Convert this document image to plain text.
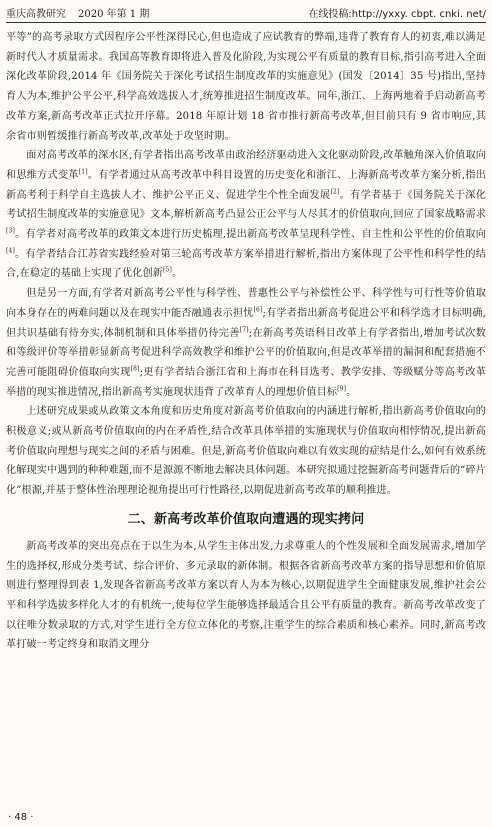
重庆高教研究 2020 年第 1 期	在线投稿:http://yxxy. cbpt. cnki. net/

平等”的高考录取方式因程序公平性深得民心,但也造成了应试教育的弊端,违背了教育育人的初衷,难以满足新时代人才质量需求。我国高等教育即将进入普及化阶段,为实现公平有质量的教育目标,指引高考进入全面深化改革阶段,2014 年《国务院关于深化考试招生制度改革的实施意见》(国发〔2014〕35 号)指出,坚持育人为本,维护公平公平,科学高效选拔人才,统筹推进招生制度改革。同年,浙江、上海两地着手启动新高考改革方案,新高考改革正式拉开序幕。2018 年原计划 18 省市推行新高考改革,但目前只有 9 省市响应,其余省市则暂缓推行新高考改革,改革处于攻坚时期。

面对高考改革的深水区,有学者指出高考改革由政治经济驱动进入文化驱动阶段,改革触角深入价值取向和思维方式变革[1]。有学者通过从高考改革中科目设置的历史变化和浙江、上海新高考改革方案分析,指出新高考利于科学自主选拔人才、维护公平正义、促进学生个性全面发展[2]。有学者基于《国务院关于深化考试招生制度改革的实施意见》文本,解析新高考凸显公正公平与人尽其才的价值取向,回应了国家战略需求[3]。有学者对高考改革的政策文本进行历史梳理,提出新高考改革呈现科学性、自主性和公平性的价值取向[4]。有学者结合江苏省实践经验对第三轮高考改革方案举措进行解析,指出方案体现了公平性和科学性的结合,在稳定的基础上实现了优化创新[5]。

但是另一方面,有学者对新高考公平性与科学性、普惠性公平与补偿性公平、科学性与可行性等价值取向本身存在的两难问题以及在现实中能否融通表示担忧[6];有学者指出新高考促进公平和科学选才目标明确,但共识基础有待夯实,体制机制和具体举措仍待完善[7];在新高考英语科目改革上有学者指出,增加考试次数和等级评价等举措彰显新高考促进科学高效教学和维护公平的价值取向,但是改革举措的漏洞和配套措施不完善可能阻碍价值取向实现[8];更有学者结合浙江省和上海市在科目选考、教学安排、等级赋分等高考改革举措的现实推进情况,指出新高考实施现状违背了改革育人的理想价值目标[9]。

上述研究成果或从政策文本角度和历史角度对新高考价值取向的内涵进行解析,指出新高考价值取向的积极意义;或从新高考价值取向的内在矛盾性,结合改革具体举措的实施现状与价值取向相悖情况,提出新高考价值取向理想与现实之间的矛盾与困难。但是,新高考价值取向难以有效实现的症结是什么,如何有效系统化解现实中遇到的种种难题,而不是源源不断地去解决具体问题。本研究拟通过挖掘新高考问题背后的“碎片化”根源,并基于整体性治理理论视角提出可行性路径,以期促进新高考改革的顺利推进。

二、新高考改革价值取向遭遇的现实拷问

新高考改革的突出亮点在于以生为本,从学生主体出发,力求尊重人的个性发展和全面发展需求,增加学生的选择权,形成分类考试、综合评价、多元录取的新体制。根据各省新高考改革方案的指导思想和价值原则进行整理得到表 1,发现各省新高考改革方案以育人为本为核心,以期促进学生全面健康发展,维护社会公平和科学选拔多样化人才的有机统一,使每位学生能够选择最适合且公平有质量的教育。新高考改革改变了以往唯分数录取的方式,对学生进行全方位立体化的考察,注重学生的综合素质和核心素养。同时,新高考改革打破一考定终身和取消文理分

· 48 ·
